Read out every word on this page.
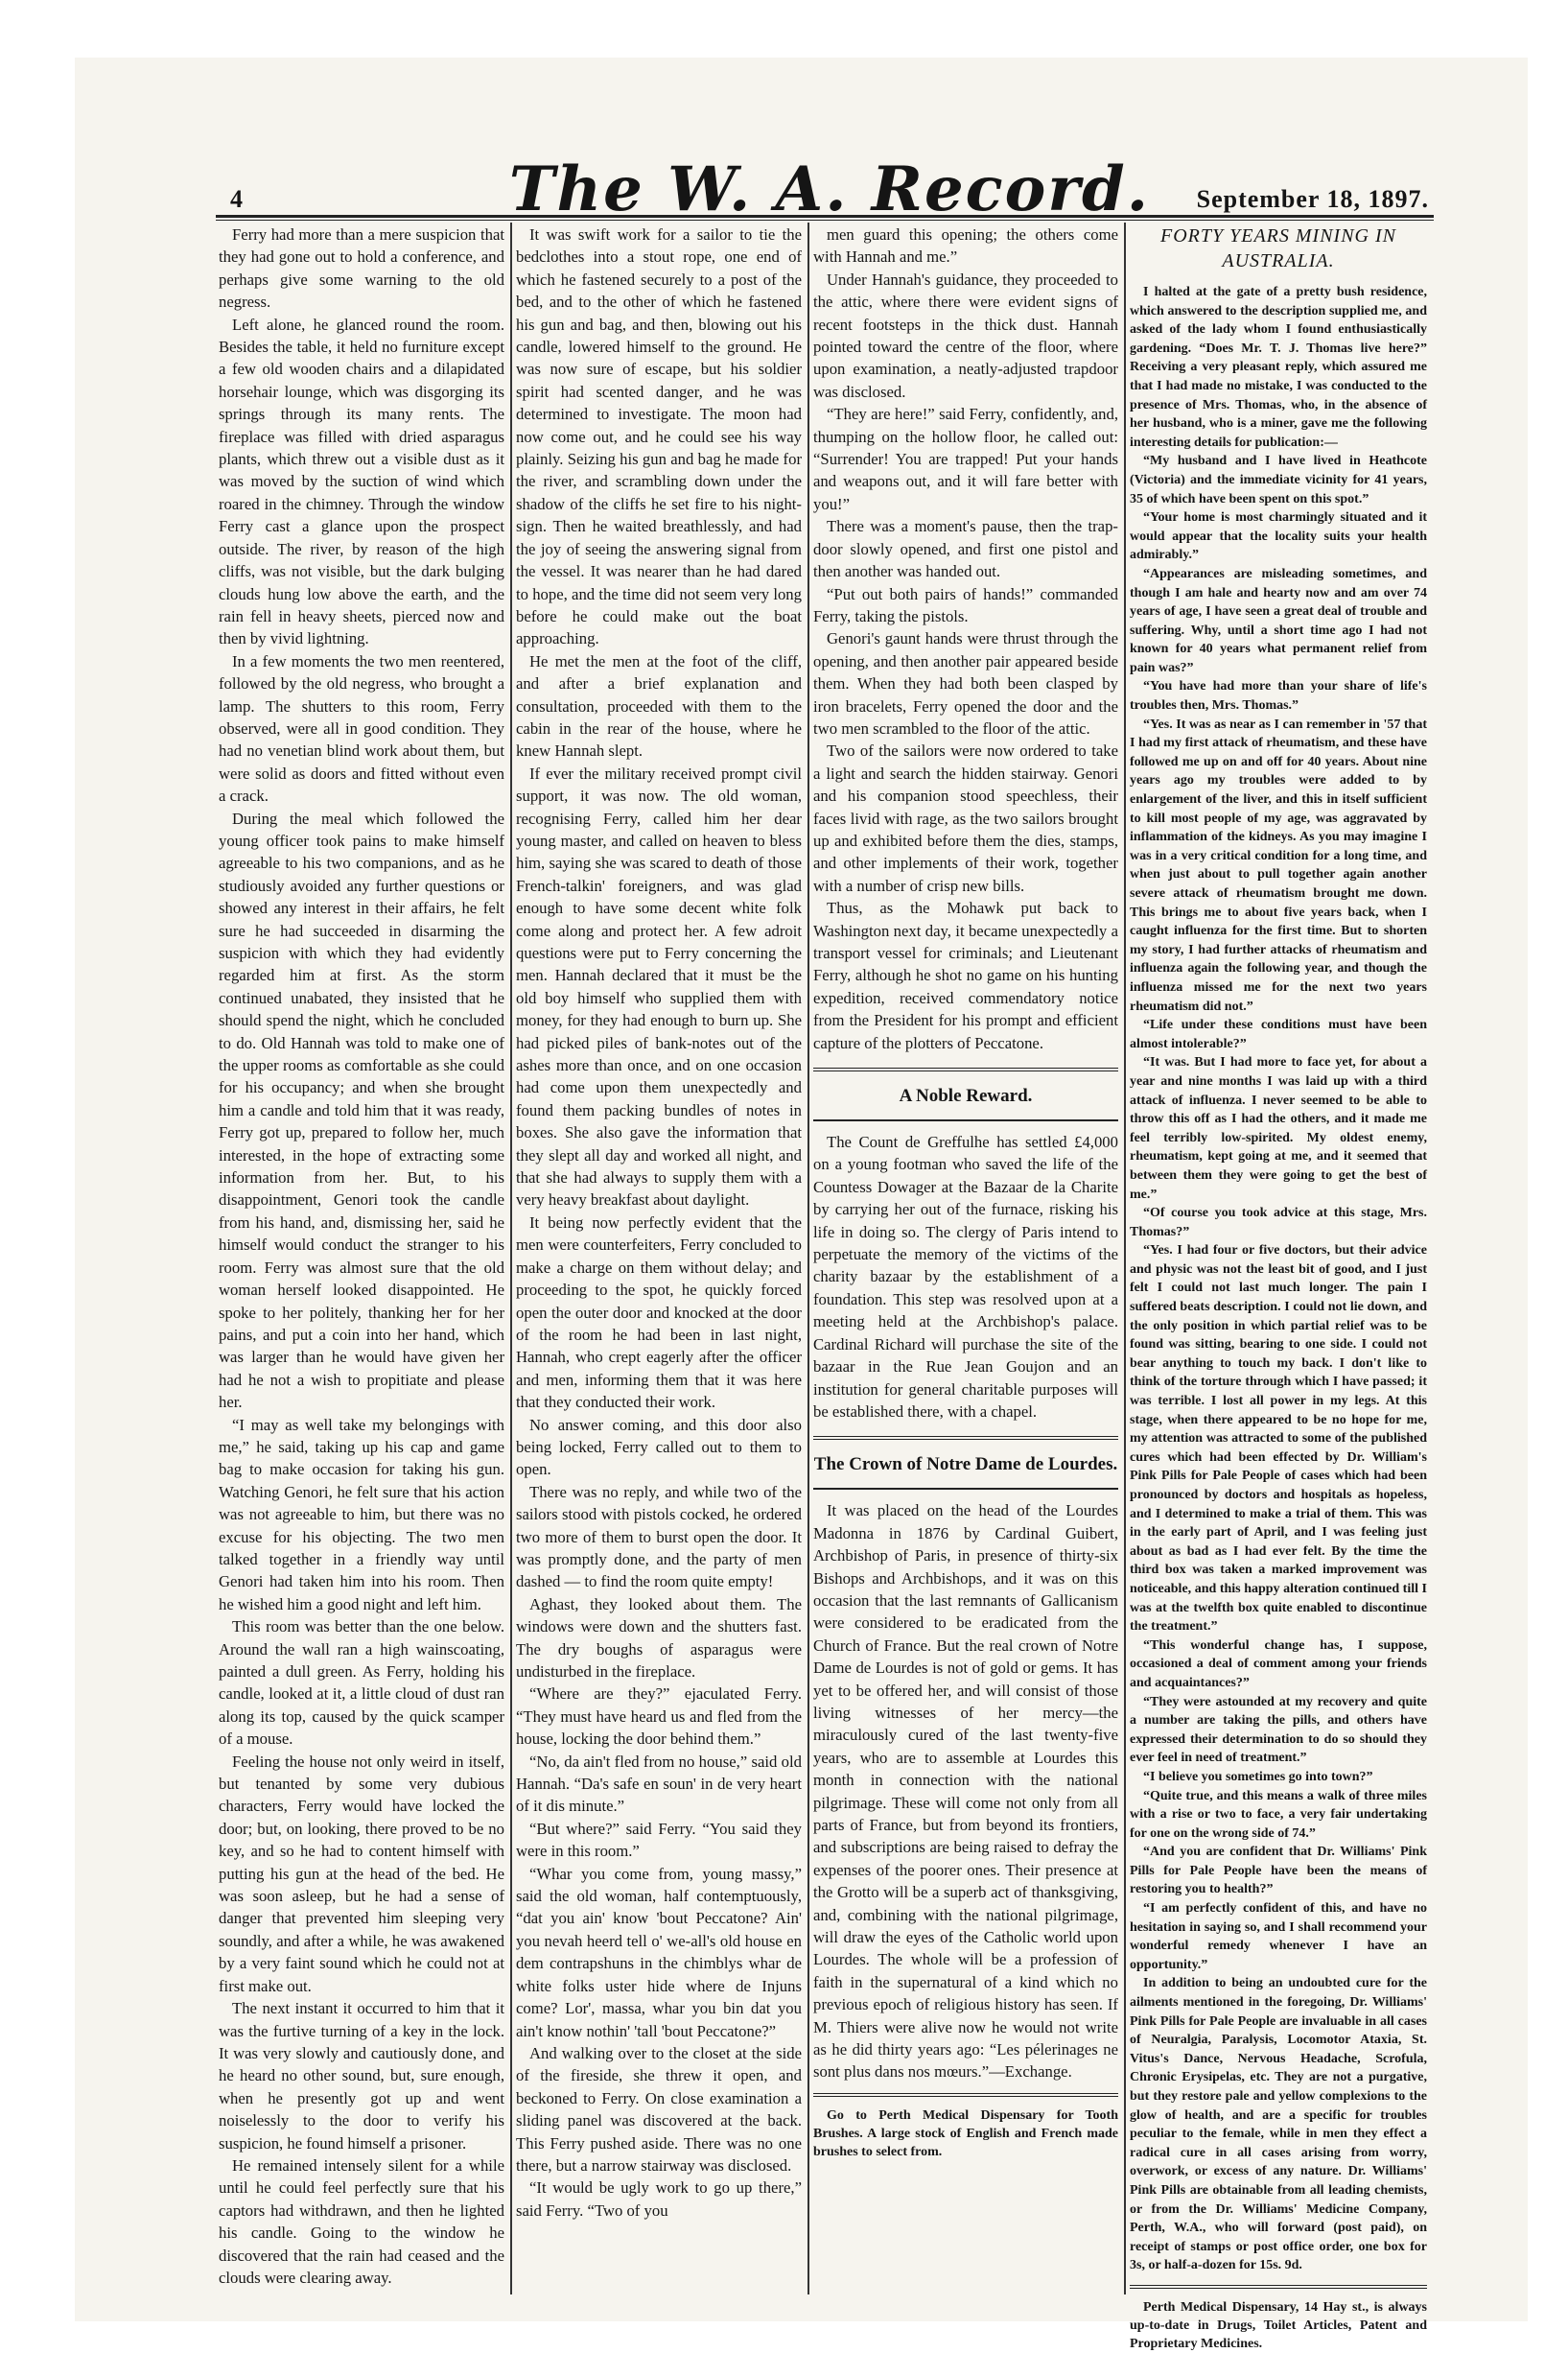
4	The W. A. Record.	September 18, 1897.

Ferry had more than a mere suspicion that they had gone out to hold a conference, and perhaps give some warning to the old negress.

Left alone, he glanced round the room. Besides the table, it held no furniture except a few old wooden chairs and a dilapidated horsehair lounge, which was disgorging its springs through its many rents. The fireplace was filled with dried asparagus plants, which threw out a visible dust as it was moved by the suction of wind which roared in the chimney. Through the window Ferry cast a glance upon the prospect outside. The river, by reason of the high cliffs, was not visible, but the dark bulging clouds hung low above the earth, and the rain fell in heavy sheets, pierced now and then by vivid lightning.

In a few moments the two men reentered, followed by the old negress, who brought a lamp. The shutters to this room, Ferry observed, were all in good condition. They had no venetian blind work about them, but were solid as doors and fitted without even a crack.

During the meal which followed the young officer took pains to make himself agreeable to his two companions, and as he studiously avoided any further questions or showed any interest in their affairs, he felt sure he had succeeded in disarming the suspicion with which they had evidently regarded him at first. As the storm continued unabated, they insisted that he should spend the night, which he concluded to do. Old Hannah was told to make one of the upper rooms as comfortable as she could for his occupancy; and when she brought him a candle and told him that it was ready, Ferry got up, prepared to follow her, much interested, in the hope of extracting some information from her. But, to his disappointment, Genori took the candle from his hand, and, dismissing her, said he himself would conduct the stranger to his room. Ferry was almost sure that the old woman herself looked disappointed. He spoke to her politely, thanking her for her pains, and put a coin into her hand, which was larger than he would have given her had he not a wish to propitiate and please her.

“I may as well take my belongings with me,” he said, taking up his cap and game bag to make occasion for taking his gun. Watching Genori, he felt sure that his action was not agreeable to him, but there was no excuse for his objecting. The two men talked together in a friendly way until Genori had taken him into his room. Then he wished him a good night and left him.

This room was better than the one below. Around the wall ran a high wainscoating, painted a dull green. As Ferry, holding his candle, looked at it, a little cloud of dust ran along its top, caused by the quick scamper of a mouse.

Feeling the house not only weird in itself, but tenanted by some very dubious characters, Ferry would have locked the door; but, on looking, there proved to be no key, and so he had to content himself with putting his gun at the head of the bed. He was soon asleep, but he had a sense of danger that prevented him sleeping very soundly, and after a while, he was awakened by a very faint sound which he could not at first make out.

The next instant it occurred to him that it was the furtive turning of a key in the lock. It was very slowly and cautiously done, and he heard no other sound, but, sure enough, when he presently got up and went noiselessly to the door to verify his suspicion, he found himself a prisoner.

He remained intensely silent for a while until he could feel perfectly sure that his captors had withdrawn, and then he lighted his candle. Going to the window he discovered that the rain had ceased and the clouds were clearing away.

It was swift work for a sailor to tie the bedclothes into a stout rope, one end of which he fastened securely to a post of the bed, and to the other of which he fastened his gun and bag, and then, blowing out his candle, lowered himself to the ground. He was now sure of escape, but his soldier spirit had scented danger, and he was determined to investigate. The moon had now come out, and he could see his way plainly. Seizing his gun and bag he made for the river, and scrambling down under the shadow of the cliffs he set fire to his night-sign. Then he waited breathlessly, and had the joy of seeing the answering signal from the vessel. It was nearer than he had dared to hope, and the time did not seem very long before he could make out the boat approaching.

He met the men at the foot of the cliff, and after a brief explanation and consultation, proceeded with them to the cabin in the rear of the house, where he knew Hannah slept.

If ever the military received prompt civil support, it was now. The old woman, recognising Ferry, called him her dear young master, and called on heaven to bless him, saying she was scared to death of those French-talkin' foreigners, and was glad enough to have some decent white folk come along and protect her. A few adroit questions were put to Ferry concerning the men. Hannah declared that it must be the old boy himself who supplied them with money, for they had enough to burn up. She had picked piles of bank-notes out of the ashes more than once, and on one occasion had come upon them unexpectedly and found them packing bundles of notes in boxes. She also gave the information that they slept all day and worked all night, and that she had always to supply them with a very heavy breakfast about daylight.

It being now perfectly evident that the men were counterfeiters, Ferry concluded to make a charge on them without delay; and proceeding to the spot, he quickly forced open the outer door and knocked at the door of the room he had been in last night, Hannah, who crept eagerly after the officer and men, informing them that it was here that they conducted their work.

No answer coming, and this door also being locked, Ferry called out to them to open.

There was no reply, and while two of the sailors stood with pistols cocked, he ordered two more of them to burst open the door. It was promptly done, and the party of men dashed — to find the room quite empty!

Aghast, they looked about them. The windows were down and the shutters fast. The dry boughs of asparagus were undisturbed in the fireplace.

“Where are they?” ejaculated Ferry. “They must have heard us and fled from the house, locking the door behind them.”

“No, da ain't fled from no house,” said old Hannah. “Da's safe en soun' in de very heart of it dis minute.”

“But where?” said Ferry. “You said they were in this room.”

“Whar you come from, young massy,” said the old woman, half contemptuously, “dat you ain' know 'bout Peccatone? Ain' you nevah heerd tell o' we-all's old house en dem contrapshuns in the chimblys whar de white folks uster hide where de Injuns come? Lor', massa, whar you bin dat you ain't know nothin' 'tall 'bout Peccatone?”

And walking over to the closet at the side of the fireside, she threw it open, and beckoned to Ferry. On close examination a sliding panel was discovered at the back. This Ferry pushed aside. There was no one there, but a narrow stairway was disclosed.

“It would be ugly work to go up there,” said Ferry. “Two of you

men guard this opening; the others come with Hannah and me.”

Under Hannah's guidance, they proceeded to the attic, where there were evident signs of recent footsteps in the thick dust. Hannah pointed toward the centre of the floor, where upon examination, a neatly-adjusted trapdoor was disclosed.

“They are here!” said Ferry, confidently, and, thumping on the hollow floor, he called out: “Surrender! You are trapped! Put your hands and weapons out, and it will fare better with you!”

There was a moment's pause, then the trap-door slowly opened, and first one pistol and then another was handed out.

“Put out both pairs of hands!” commanded Ferry, taking the pistols.

Genori's gaunt hands were thrust through the opening, and then another pair appeared beside them. When they had both been clasped by iron bracelets, Ferry opened the door and the two men scrambled to the floor of the attic.

Two of the sailors were now ordered to take a light and search the hidden stairway. Genori and his companion stood speechless, their faces livid with rage, as the two sailors brought up and exhibited before them the dies, stamps, and other implements of their work, together with a number of crisp new bills.

Thus, as the Mohawk put back to Washington next day, it became unexpectedly a transport vessel for criminals; and Lieutenant Ferry, although he shot no game on his hunting expedition, received commendatory notice from the President for his prompt and efficient capture of the plotters of Peccatone.

A Noble Reward.

The Count de Greffulhe has settled £4,000 on a young footman who saved the life of the Countess Dowager at the Bazaar de la Charite by carrying her out of the furnace, risking his life in doing so. The clergy of Paris intend to perpetuate the memory of the victims of the charity bazaar by the establishment of a foundation. This step was resolved upon at a meeting held at the Archbishop's palace. Cardinal Richard will purchase the site of the bazaar in the Rue Jean Goujon and an institution for general charitable purposes will be established there, with a chapel.

The Crown of Notre Dame de Lourdes.

It was placed on the head of the Lourdes Madonna in 1876 by Cardinal Guibert, Archbishop of Paris, in presence of thirty-six Bishops and Archbishops, and it was on this occasion that the last remnants of Gallicanism were considered to be eradicated from the Church of France. But the real crown of Notre Dame de Lourdes is not of gold or gems. It has yet to be offered her, and will consist of those living witnesses of her mercy—the miraculously cured of the last twenty-five years, who are to assemble at Lourdes this month in connection with the national pilgrimage. These will come not only from all parts of France, but from beyond its frontiers, and subscriptions are being raised to defray the expenses of the poorer ones. Their presence at the Grotto will be a superb act of thanksgiving, and, combining with the national pilgrimage, will draw the eyes of the Catholic world upon Lourdes. The whole will be a profession of faith in the supernatural of a kind which no previous epoch of religious history has seen. If M. Thiers were alive now he would not write as he did thirty years ago: “Les pélerinages ne sont plus dans nos mœurs.”—Exchange.

Go to Perth Medical Dispensary for Tooth Brushes. A large stock of English and French made brushes to select from.
FORTY YEARS MINING IN AUSTRALIA.

I halted at the gate of a pretty bush residence, which answered to the description supplied me, and asked of the lady whom I found enthusiastically gardening. “Does Mr. T. J. Thomas live here?” Receiving a very pleasant reply, which assured me that I had made no mistake, I was conducted to the presence of Mrs. Thomas, who, in the absence of her husband, who is a miner, gave me the following interesting details for publication:—

“My husband and I have lived in Heathcote (Victoria) and the immediate vicinity for 41 years, 35 of which have been spent on this spot.”

“Your home is most charmingly situated and it would appear that the locality suits your health admirably.”

“Appearances are misleading sometimes, and though I am hale and hearty now and am over 74 years of age, I have seen a great deal of trouble and suffering. Why, until a short time ago I had not known for 40 years what permanent relief from pain was?”

“You have had more than your share of life's troubles then, Mrs. Thomas.”

“Yes. It was as near as I can remember in '57 that I had my first attack of rheumatism, and these have followed me up on and off for 40 years. About nine years ago my troubles were added to by enlargement of the liver, and this in itself sufficient to kill most people of my age, was aggravated by inflammation of the kidneys. As you may imagine I was in a very critical condition for a long time, and when just about to pull together again another severe attack of rheumatism brought me down. This brings me to about five years back, when I caught influenza for the first time. But to shorten my story, I had further attacks of rheumatism and influenza again the following year, and though the influenza missed me for the next two years rheumatism did not.”

“Life under these conditions must have been almost intolerable?”

“It was. But I had more to face yet, for about a year and nine months I was laid up with a third attack of influenza. I never seemed to be able to throw this off as I had the others, and it made me feel terribly low-spirited. My oldest enemy, rheumatism, kept going at me, and it seemed that between them they were going to get the best of me.”

“Of course you took advice at this stage, Mrs. Thomas?”

“Yes. I had four or five doctors, but their advice and physic was not the least bit of good, and I just felt I could not last much longer. The pain I suffered beats description. I could not lie down, and the only position in which partial relief was to be found was sitting, bearing to one side. I could not bear anything to touch my back. I don't like to think of the torture through which I have passed; it was terrible. I lost all power in my legs. At this stage, when there appeared to be no hope for me, my attention was attracted to some of the published cures which had been effected by Dr. William's Pink Pills for Pale People of cases which had been pronounced by doctors and hospitals as hopeless, and I determined to make a trial of them. This was in the early part of April, and I was feeling just about as bad as I had ever felt. By the time the third box was taken a marked improvement was noticeable, and this happy alteration continued till I was at the twelfth box quite enabled to discontinue the treatment.”

“This wonderful change has, I suppose, occasioned a deal of comment among your friends and acquaintances?”

“They were astounded at my recovery and quite a number are taking the pills, and others have expressed their determination to do so should they ever feel in need of treatment.”

“I believe you sometimes go into town?”

“Quite true, and this means a walk of three miles with a rise or two to face, a very fair undertaking for one on the wrong side of 74.”

“And you are confident that Dr. Williams' Pink Pills for Pale People have been the means of restoring you to health?”

“I am perfectly confident of this, and have no hesitation in saying so, and I shall recommend your wonderful remedy whenever I have an opportunity.”

In addition to being an undoubted cure for the ailments mentioned in the foregoing, Dr. Williams' Pink Pills for Pale People are invaluable in all cases of Neuralgia, Paralysis, Locomotor Ataxia, St. Vitus's Dance, Nervous Headache, Scrofula, Chronic Erysipelas, etc. They are not a purgative, but they restore pale and yellow complexions to the glow of health, and are a specific for troubles peculiar to the female, while in men they effect a radical cure in all cases arising from worry, overwork, or excess of any nature. Dr. Williams' Pink Pills are obtainable from all leading chemists, or from the Dr. Williams' Medicine Company, Perth, W.A., who will forward (post paid), on receipt of stamps or post office order, one box for 3s, or half-a-dozen for 15s. 9d.

Perth Medical Dispensary, 14 Hay st., is always up-to-date in Drugs, Toilet Articles, Patent and Proprietary Medicines.
